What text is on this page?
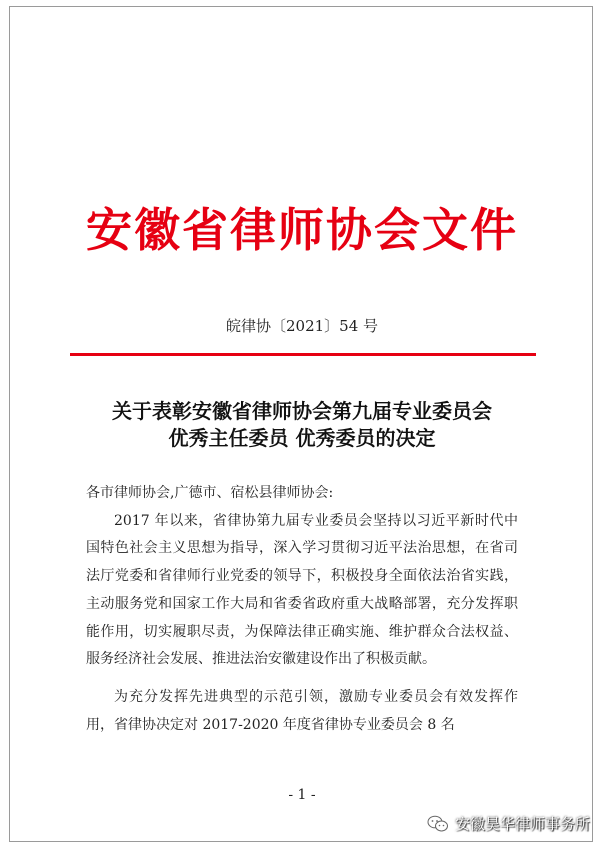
安徽省律师协会文件
皖律协〔2021〕54 号
关于表彰安徽省律师协会第九届专业委员会
优秀主任委员 优秀委员的决定

各市律师协会,广德市、宿松县律师协会:

2017 年以来，省律协第九届专业委员会坚持以习近平新时代中国特色社会主义思想为指导，深入学习贯彻习近平法治思想，在省司法厅党委和省律师行业党委的领导下，积极投身全面依法治省实践，主动服务党和国家工作大局和省委省政府重大战略部署，充分发挥职能作用，切实履职尽责，为保障法律正确实施、维护群众合法权益、服务经济社会发展、推进法治安徽建设作出了积极贡献。

为充分发挥先进典型的示范引领，激励专业委员会有效发挥作用，省律协决定对 2017-2020 年度省律协专业委员会 8 名

- 1 -
安徽昊华律师事务所
